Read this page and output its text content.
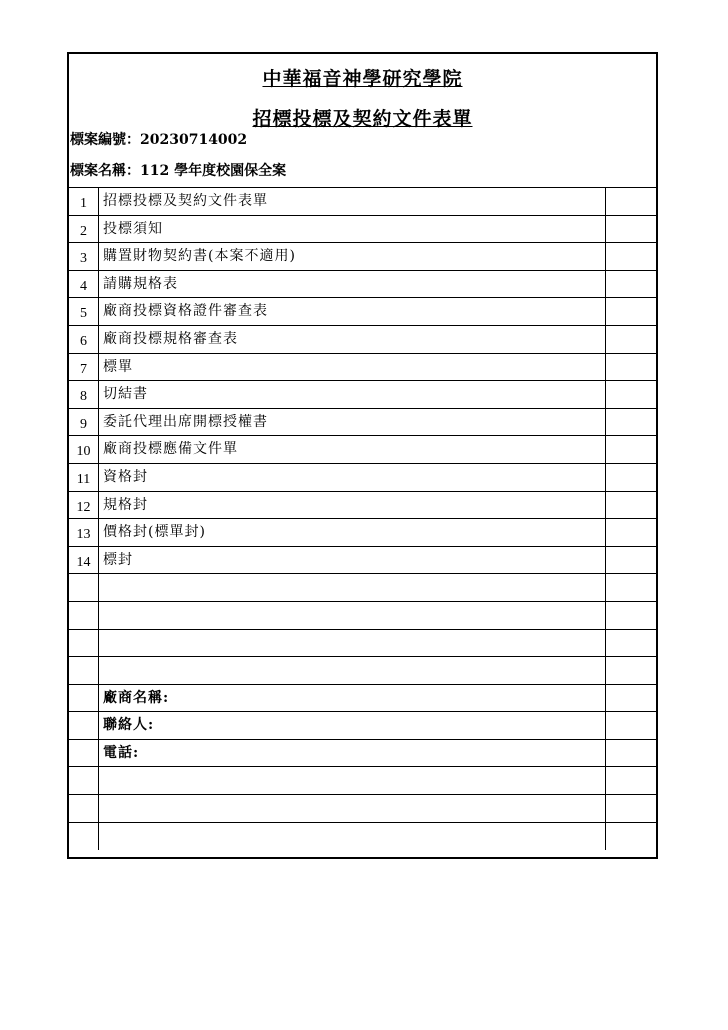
中華福音神學研究學院
招標投標及契約文件表單
標案編號：20230714002
標案名稱：112 學年度校園保全案
1	招標投標及契約文件表單
2	投標須知
3	購置財物契約書(本案不適用)
4	請購規格表
5	廠商投標資格證件審查表
6	廠商投標規格審查表
7	標單
8	切結書
9	委託代理出席開標授權書
10 廠商投標應備文件單
11 資格封
12 規格封
13 價格封(標單封)
14 標封
廠商名稱:
聯絡人:
電話:
